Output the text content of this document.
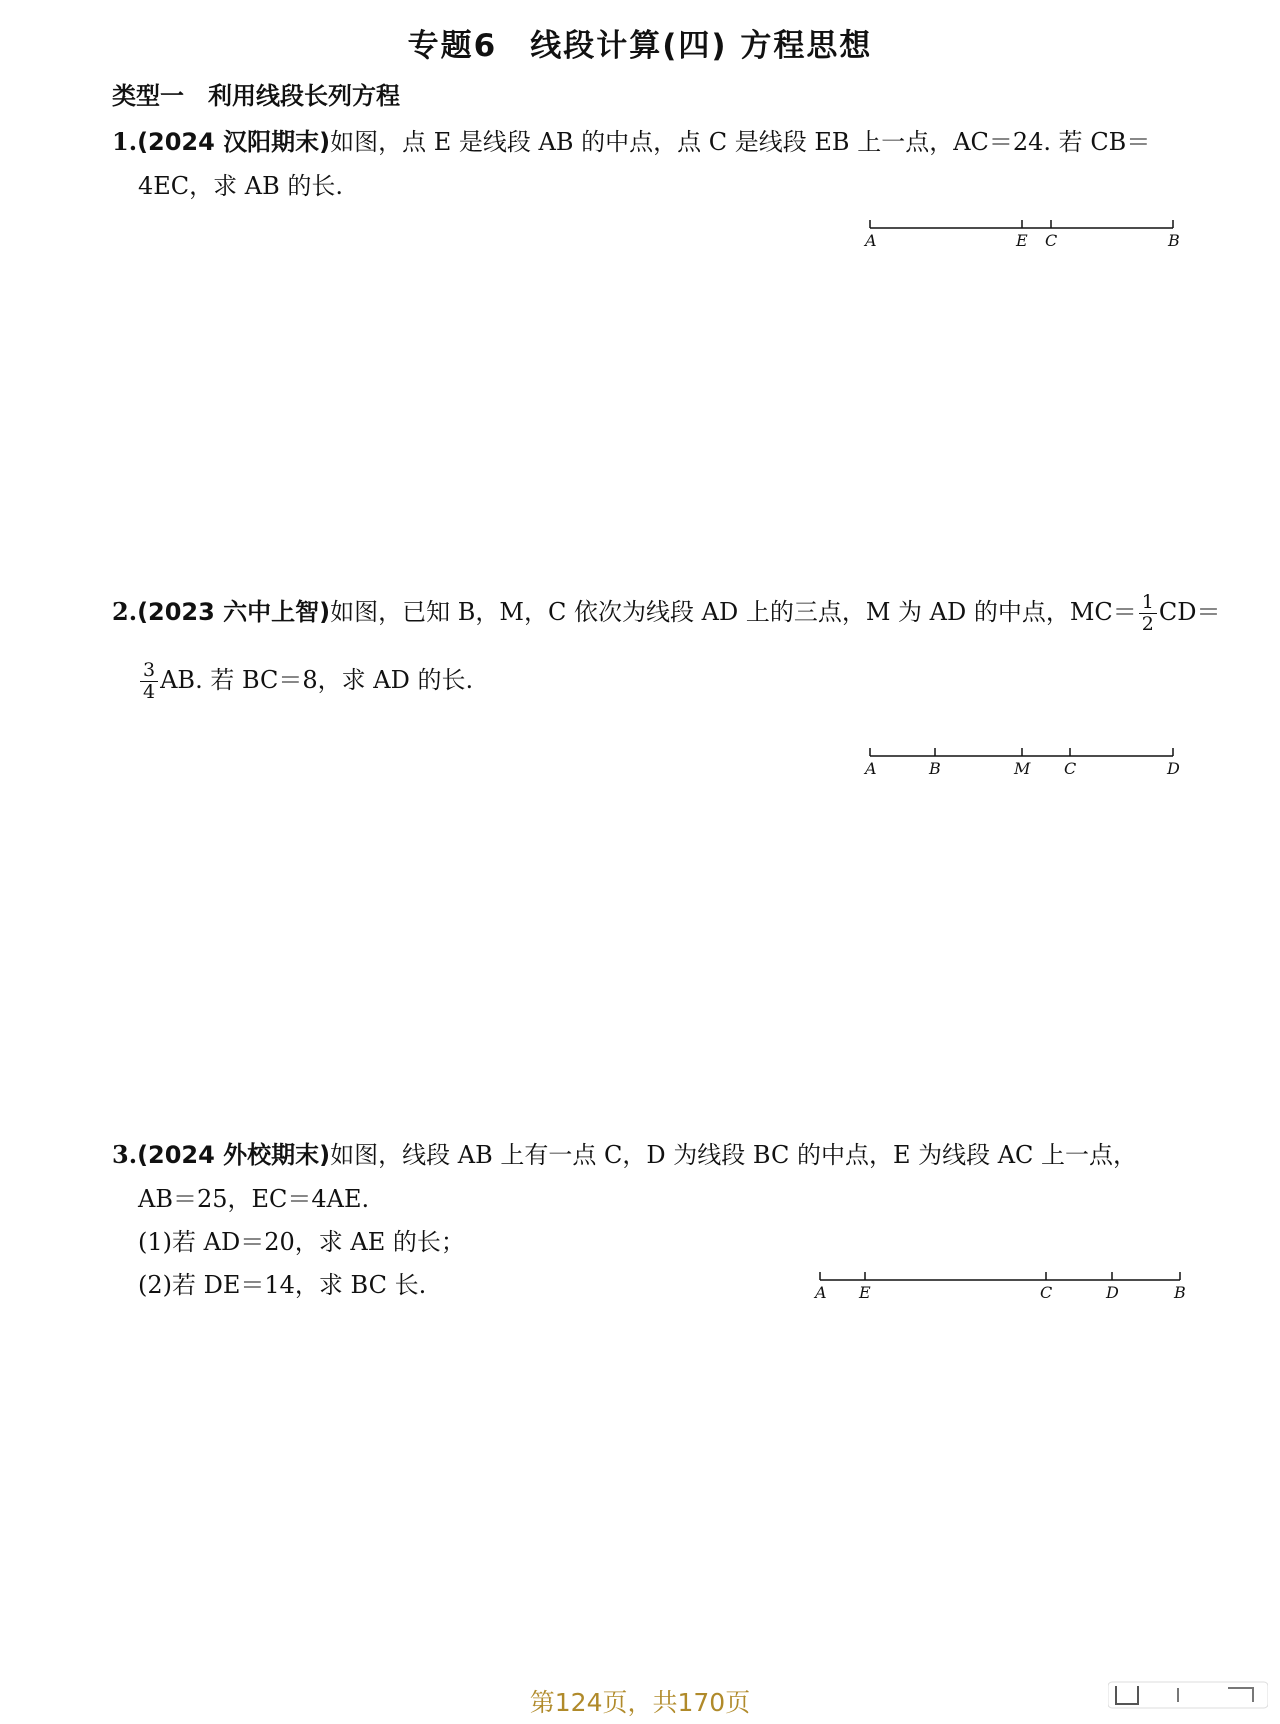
专题6　线段计算(四) 方程思想
类型一　利用线段长列方程
1.(2024 汉阳期末)如图，点 E 是线段 AB 的中点，点 C 是线段 EB 上一点，AC＝24. 若 CB＝
4EC，求 AB 的长.
A	E C	B
2.(2023 六中上智)如图，已知 B，M，C 依次为线段 AD 上的三点，M 为 AD 的中点，$MC= \frac{1}{2} CD=$
$\frac{3}{4}$ AB. 若 BC＝8，求 AD 的长.
A	B	M C	D
3.(2024 外校期末)如图，线段 AB 上有一点 C，D 为线段 BC 的中点，E 为线段 AC 上一点，
AB＝25，EC＝4AE.
(1)若 AD＝20，求 AE 的长；
(2)若 DE＝14，求 BC 长.	A E	C	D	B
第124页，共170页
